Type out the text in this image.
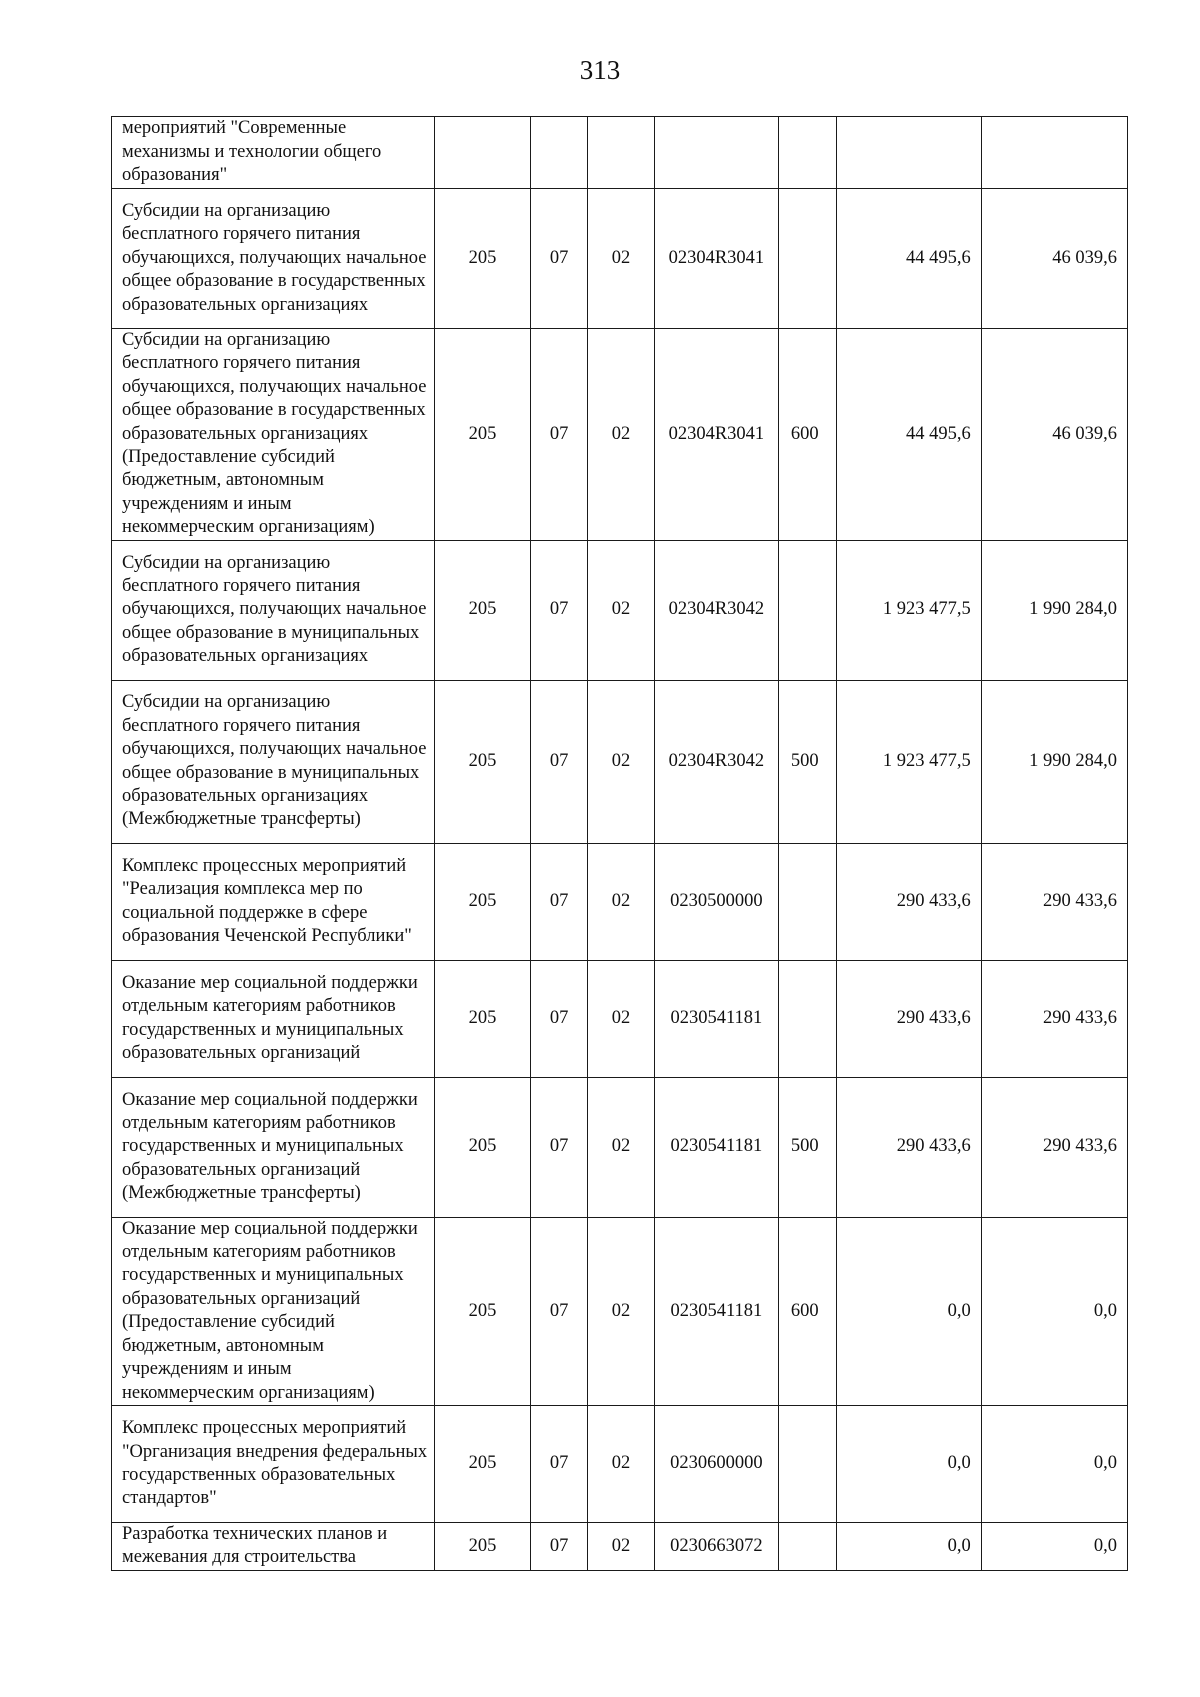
313
мероприятий "Современные механизмы и технологии общего образования"							
Субсидии на организацию бесплатного горячего питания обучающихся, получающих начальное общее образование в государственных образовательных организациях	205	07	02	02304R3041		44 495,6	46 039,6
Субсидии на организацию бесплатного горячего питания обучающихся, получающих начальное общее образование в государственных образовательных организациях (Предоставление субсидий бюджетным, автономным учреждениям и иным некоммерческим организациям)	205	07	02	02304R3041	600	44 495,6	46 039,6
Субсидии на организацию бесплатного горячего питания обучающихся, получающих начальное общее образование в муниципальных образовательных организациях	205	07	02	02304R3042		1 923 477,5	1 990 284,0
Субсидии на организацию бесплатного горячего питания обучающихся, получающих начальное общее образование в муниципальных образовательных организациях (Межбюджетные трансферты)	205	07	02	02304R3042	500	1 923 477,5	1 990 284,0
Комплекс процессных мероприятий "Реализация комплекса мер по социальной поддержке в сфере образования Чеченской Республики"	205	07	02	0230500000		290 433,6	290 433,6
Оказание мер социальной поддержки отдельным категориям работников государственных и муниципальных образовательных организаций	205	07	02	0230541181		290 433,6	290 433,6
Оказание мер социальной поддержки отдельным категориям работников государственных и муниципальных образовательных организаций (Межбюджетные трансферты)	205	07	02	0230541181	500	290 433,6	290 433,6
Оказание мер социальной поддержки отдельным категориям работников государственных и муниципальных образовательных организаций (Предоставление субсидий бюджетным, автономным учреждениям и иным некоммерческим организациям)	205	07	02	0230541181	600	0,0	0,0
Комплекс процессных мероприятий "Организация внедрения федеральных государственных образовательных стандартов"	205	07	02	0230600000		0,0	0,0
Разработка технических планов и межевания для строительства	205	07	02	0230663072		0,0	0,0
